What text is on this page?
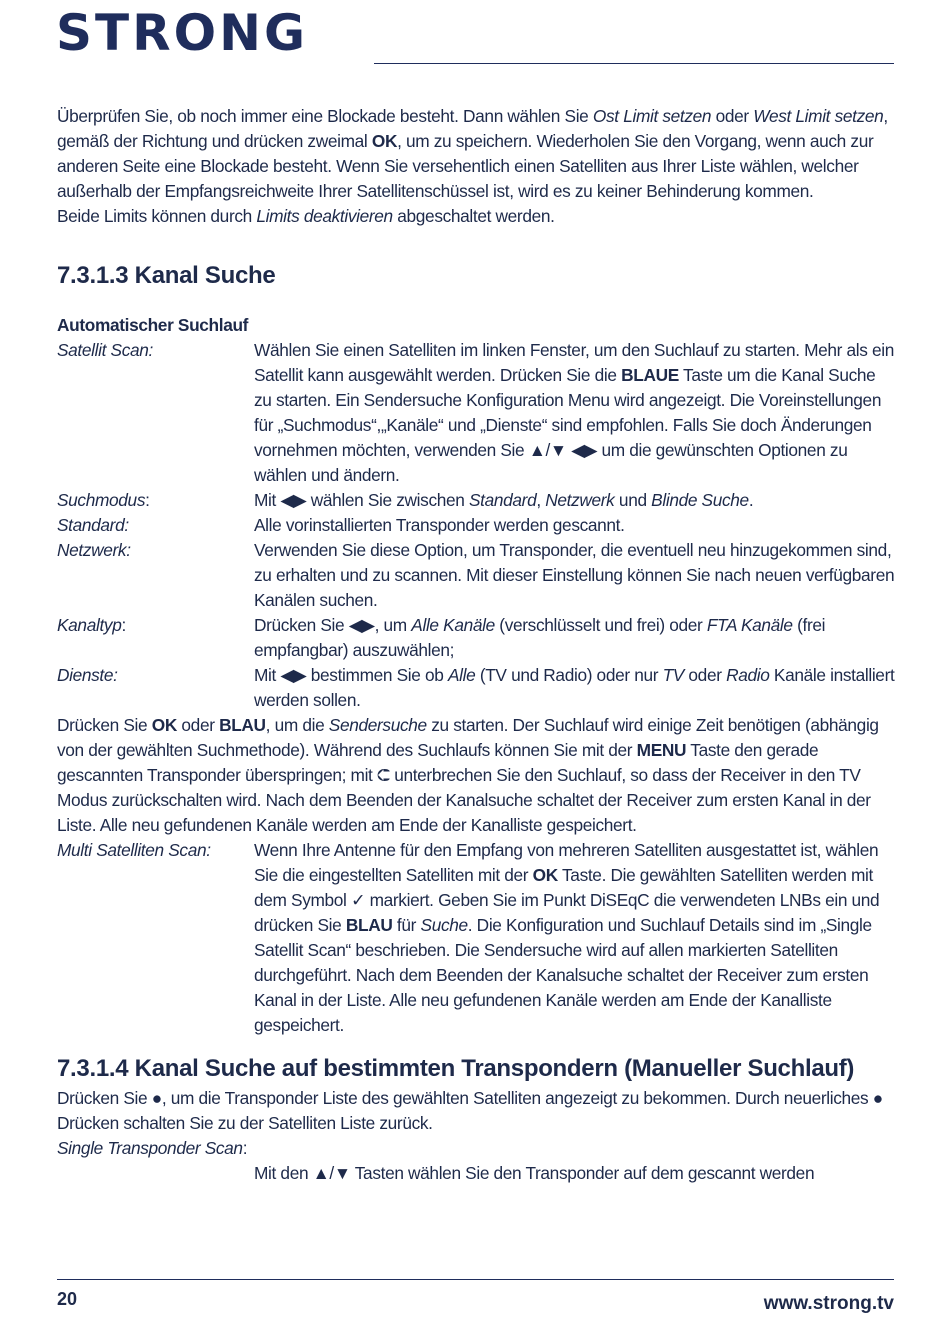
STRONG

Überprüfen Sie, ob noch immer eine Blockade besteht. Dann wählen Sie Ost Limit setzen oder West Limit setzen, gemäß der Richtung und drücken zweimal OK, um zu speichern. Wiederholen Sie den Vorgang, wenn auch zur anderen Seite eine Blockade besteht. Wenn Sie versehentlich einen Satelliten aus Ihrer Liste wählen, welcher außerhalb der Empfangsreichweite Ihrer Satellitenschüssel ist, wird es zu keiner Behinderung kommen.

Beide Limits können durch Limits deaktivieren abgeschaltet werden.

7.3.1.3 Kanal Suche

Automatischer Suchlauf

Satellit Scan:	Wählen Sie einen Satelliten im linken Fenster, um den Suchlauf zu starten. Mehr als ein Satellit kann ausgewählt werden. Drücken Sie die BLAUE Taste um die Kanal Suche zu starten. Ein Sendersuche Konfiguration Menu wird angezeigt. Die Voreinstellungen für „Suchmodus“,„Kanäle“ und „Dienste“ sind empfohlen. Falls Sie doch Änderungen vornehmen möchten, verwenden Sie ▲/▼ ◀▶ um die gewünschten Optionen zu wählen und ändern.
Suchmodus:	Mit ◀▶ wählen Sie zwischen Standard, Netzwerk und Blinde Suche.
Standard:	Alle vorinstallierten Transponder werden gescannt.
Netzwerk:	Verwenden Sie diese Option, um Transponder, die eventuell neu hinzugekommen sind, zu erhalten und zu scannen. Mit dieser Einstellung können Sie nach neuen verfügbaren Kanälen suchen.
Kanaltyp:	Drücken Sie ◀▶, um Alle Kanäle (verschlüsselt und frei) oder FTA Kanäle (frei empfangbar) auszuwählen;
Dienste:	Mit ◀▶ bestimmen Sie ob Alle (TV und Radio) oder nur TV oder Radio Kanäle installiert werden sollen.

Drücken Sie OK oder BLAU, um die Sendersuche zu starten. Der Suchlauf wird einige Zeit benötigen (abhängig von der gewählten Suchmethode). Während des Suchlaufs können Sie mit der MENU Taste den gerade gescannten Transponder überspringen; mit ⮈ unterbrechen Sie den Suchlauf, so dass der Receiver in den TV Modus zurückschalten wird. Nach dem Beenden der Kanalsuche schaltet der Receiver zum ersten Kanal in der Liste. Alle neu gefundenen Kanäle werden am Ende der Kanalliste gespeichert.

Multi Satelliten Scan:	Wenn Ihre Antenne für den Empfang von mehreren Satelliten ausgestattet ist, wählen Sie die eingestellten Satelliten mit der OK Taste. Die gewählten Satelliten werden mit dem Symbol ✓ markiert. Geben Sie im Punkt DiSEqC die verwendeten LNBs ein und drücken Sie BLAU für Suche. Die Konfiguration und Suchlauf Details sind im „Single Satellit Scan“ beschrieben. Die Sendersuche wird auf allen markierten Satelliten durchgeführt. Nach dem Beenden der Kanalsuche schaltet der Receiver zum ersten Kanal in der Liste. Alle neu gefundenen Kanäle werden am Ende der Kanalliste gespeichert.
7.3.1.4 Kanal Suche auf bestimmten Transpondern (Manueller Suchlauf)

Drücken Sie ●, um die Transponder Liste des gewählten Satelliten angezeigt zu bekommen. Durch neuerliches ● Drücken schalten Sie zu der Satelliten Liste zurück.

Single Transponder Scan:

Mit den ▲/▼ Tasten wählen Sie den Transponder auf dem gescannt werden

20	www.strong.tv
